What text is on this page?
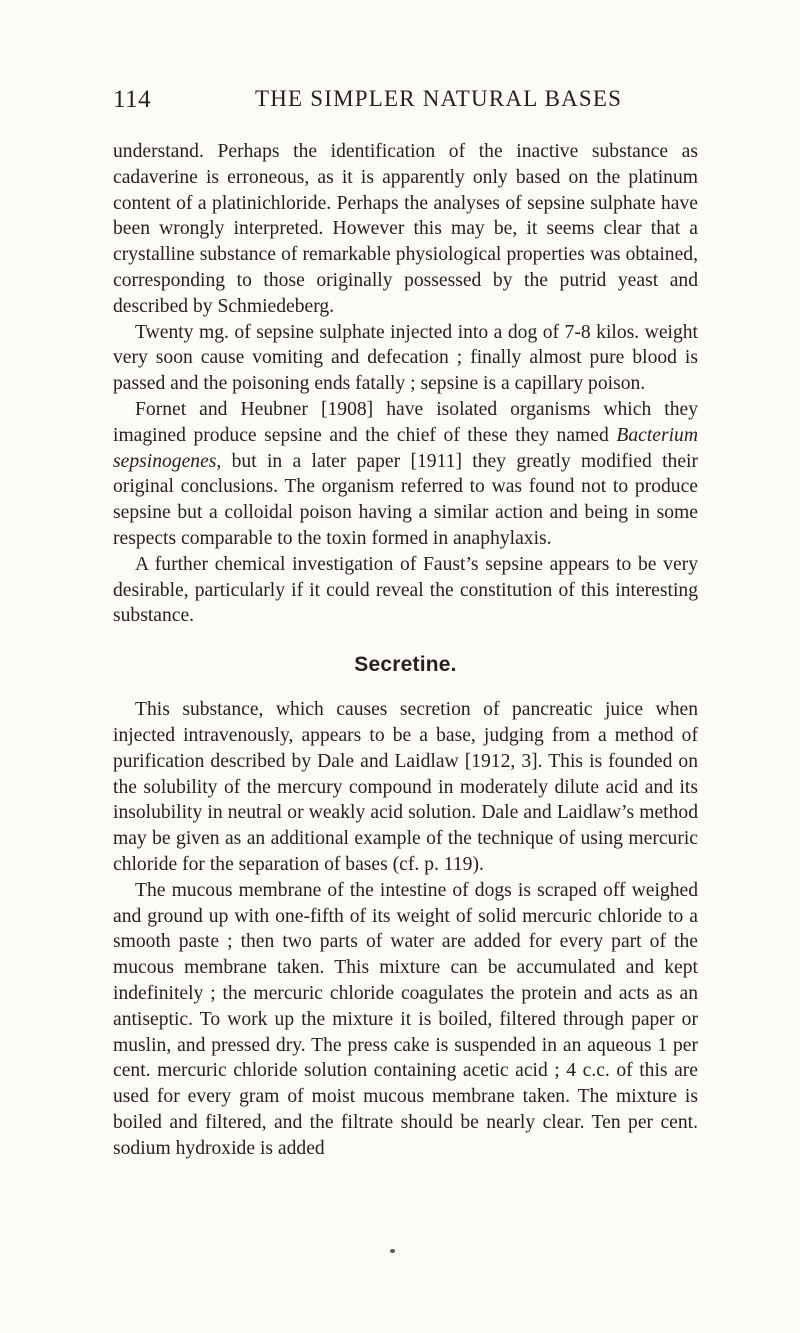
114	THE SIMPLER NATURAL BASES

understand. Perhaps the identification of the inactive substance as cadaverine is erroneous, as it is apparently only based on the platinum content of a platinichloride. Perhaps the analyses of sepsine sulphate have been wrongly interpreted. However this may be, it seems clear that a crystalline substance of remarkable physiological properties was obtained, corresponding to those originally possessed by the putrid yeast and described by Schmiedeberg.

Twenty mg. of sepsine sulphate injected into a dog of 7-8 kilos. weight very soon cause vomiting and defecation ; finally almost pure blood is passed and the poisoning ends fatally ; sepsine is a capillary poison.

Fornet and Heubner [1908] have isolated organisms which they imagined produce sepsine and the chief of these they named Bacterium sepsinogenes, but in a later paper [1911] they greatly modified their original conclusions. The organism referred to was found not to produce sepsine but a colloidal poison having a similar action and being in some respects comparable to the toxin formed in anaphylaxis.

A further chemical investigation of Faust’s sepsine appears to be very desirable, particularly if it could reveal the constitution of this interesting substance.

Secretine.

This substance, which causes secretion of pancreatic juice when injected intravenously, appears to be a base, judging from a method of purification described by Dale and Laidlaw [1912, 3]. This is founded on the solubility of the mercury compound in moderately dilute acid and its insolubility in neutral or weakly acid solution. Dale and Laidlaw’s method may be given as an additional example of the technique of using mercuric chloride for the separation of bases (cf. p. 119).

The mucous membrane of the intestine of dogs is scraped off weighed and ground up with one-fifth of its weight of solid mercuric chloride to a smooth paste ; then two parts of water are added for every part of the mucous membrane taken. This mixture can be accumulated and kept indefinitely ; the mercuric chloride coagulates the protein and acts as an antiseptic. To work up the mixture it is boiled, filtered through paper or muslin, and pressed dry. The press cake is suspended in an aqueous 1 per cent. mercuric chloride solution containing acetic acid ; 4 c.c. of this are used for every gram of moist mucous membrane taken. The mixture is boiled and filtered, and the filtrate should be nearly clear. Ten per cent. sodium hydroxide is added
